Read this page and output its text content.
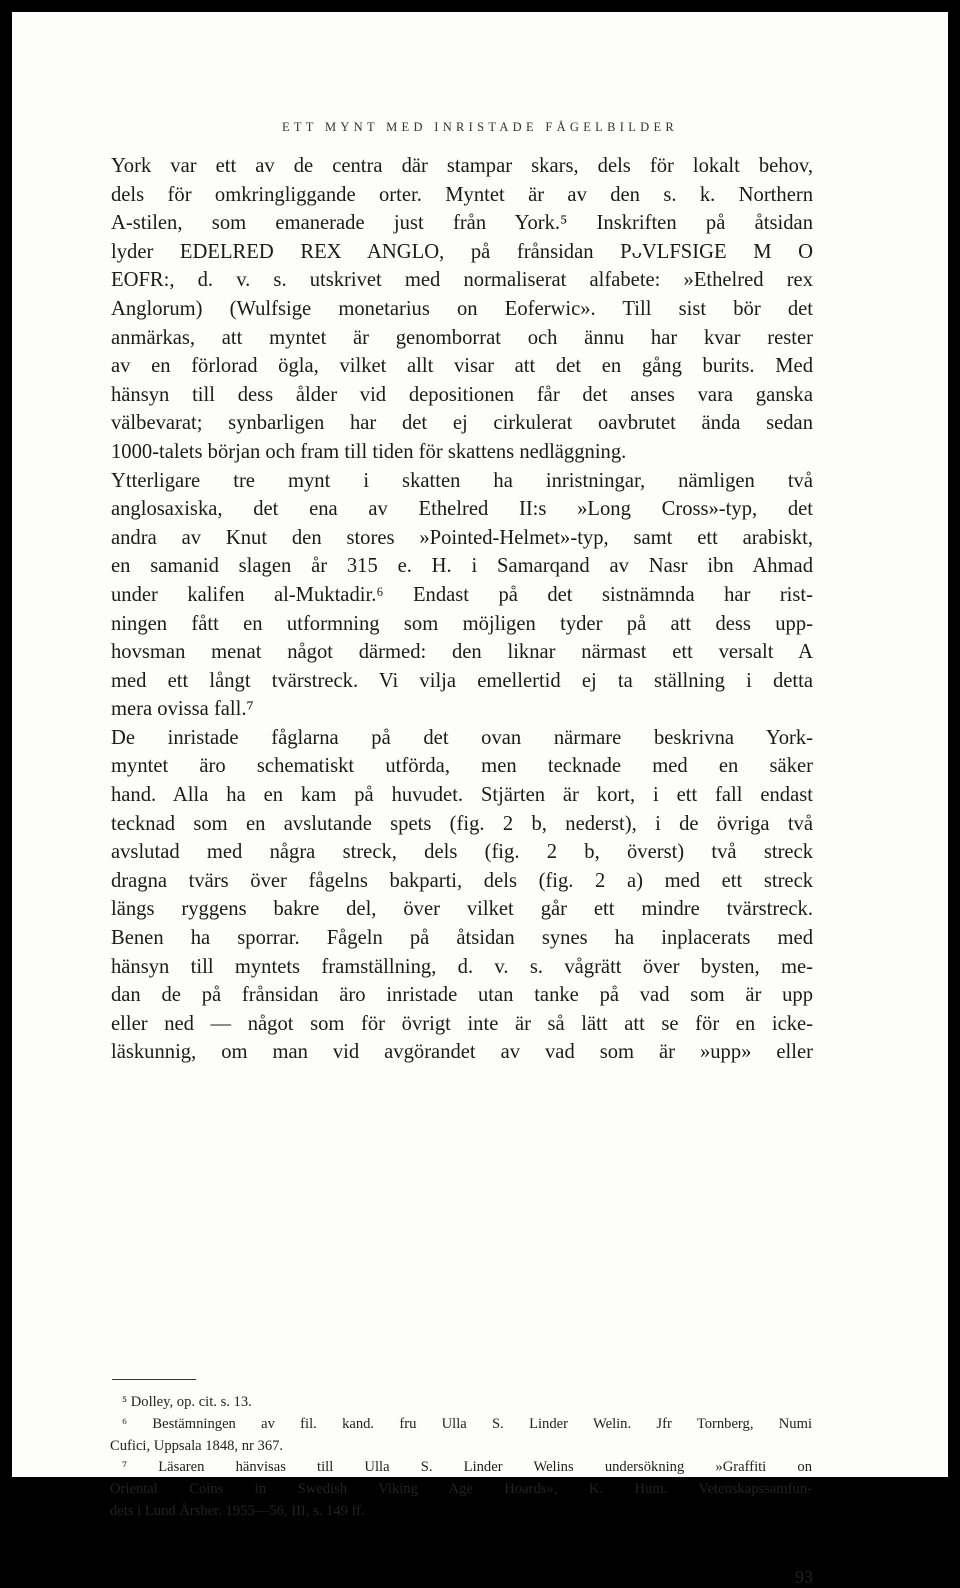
ETT MYNT MED INRISTADE FÅGELBILDER
York var ett av de centra där stampar skars, dels för lokalt behov,
dels för omkringliggande orter. Myntet är av den s. k. Northern
A-stilen, som emanerade just från York.⁵ Inskriften på åtsidan
lyder EDELRED REX ANGLO, på frånsidan PᴗVLFSIGE M O
EOFR:, d. v. s. utskrivet med normaliserat alfabete: »Ethelred rex
Anglorum) (Wulfsige monetarius on Eoferwic». Till sist bör det
anmärkas, att myntet är genomborrat och ännu har kvar rester
av en förlorad ögla, vilket allt visar att det en gång burits. Med
hänsyn till dess ålder vid depositionen får det anses vara ganska
välbevarat; synbarligen har det ej cirkulerat oavbrutet ända sedan
1000-talets början och fram till tiden för skattens nedläggning.
Ytterligare tre mynt i skatten ha inristningar, nämligen två
anglosaxiska, det ena av Ethelred II:s »Long Cross»-typ, det
andra av Knut den stores »Pointed-Helmet»-typ, samt ett arabiskt,
en samanid slagen år 315 e. H. i Samarqand av Nasr ibn Ahmad
under kalifen al-Muktadir.⁶ Endast på det sistnämnda har rist-
ningen fått en utformning som möjligen tyder på att dess upp-
hovsman menat något därmed: den liknar närmast ett versalt A
med ett långt tvärstreck. Vi vilja emellertid ej ta ställning i detta
mera ovissa fall.⁷
De inristade fåglarna på det ovan närmare beskrivna York-
myntet äro schematiskt utförda, men tecknade med en säker
hand. Alla ha en kam på huvudet. Stjärten är kort, i ett fall endast
tecknad som en avslutande spets (fig. 2 b, nederst), i de övriga två
avslutad med några streck, dels (fig. 2 b, överst) två streck
dragna tvärs över fågelns bakparti, dels (fig. 2 a) med ett streck
längs ryggens bakre del, över vilket går ett mindre tvärstreck.
Benen ha sporrar. Fågeln på åtsidan synes ha inplacerats med
hänsyn till myntets framställning, d. v. s. vågrätt över bysten, me-
dan de på frånsidan äro inristade utan tanke på vad som är upp
eller ned — något som för övrigt inte är så lätt att se för en icke-
läskunnig, om man vid avgörandet av vad som är »upp» eller
⁵ Dolley, op. cit. s. 13.
⁶ Bestämningen av fil. kand. fru Ulla S. Linder Welin. Jfr Tornberg, Numi
Cufici, Uppsala 1848, nr 367.
⁷ Läsaren hänvisas till Ulla S. Linder Welins undersökning »Graffiti on
Oriental Coins in Swedish Viking Age Hoards», K. Hum. Vetenskapssamfun-
dets i Lund Årsber. 1955—56, III, s. 149 ff.
93
